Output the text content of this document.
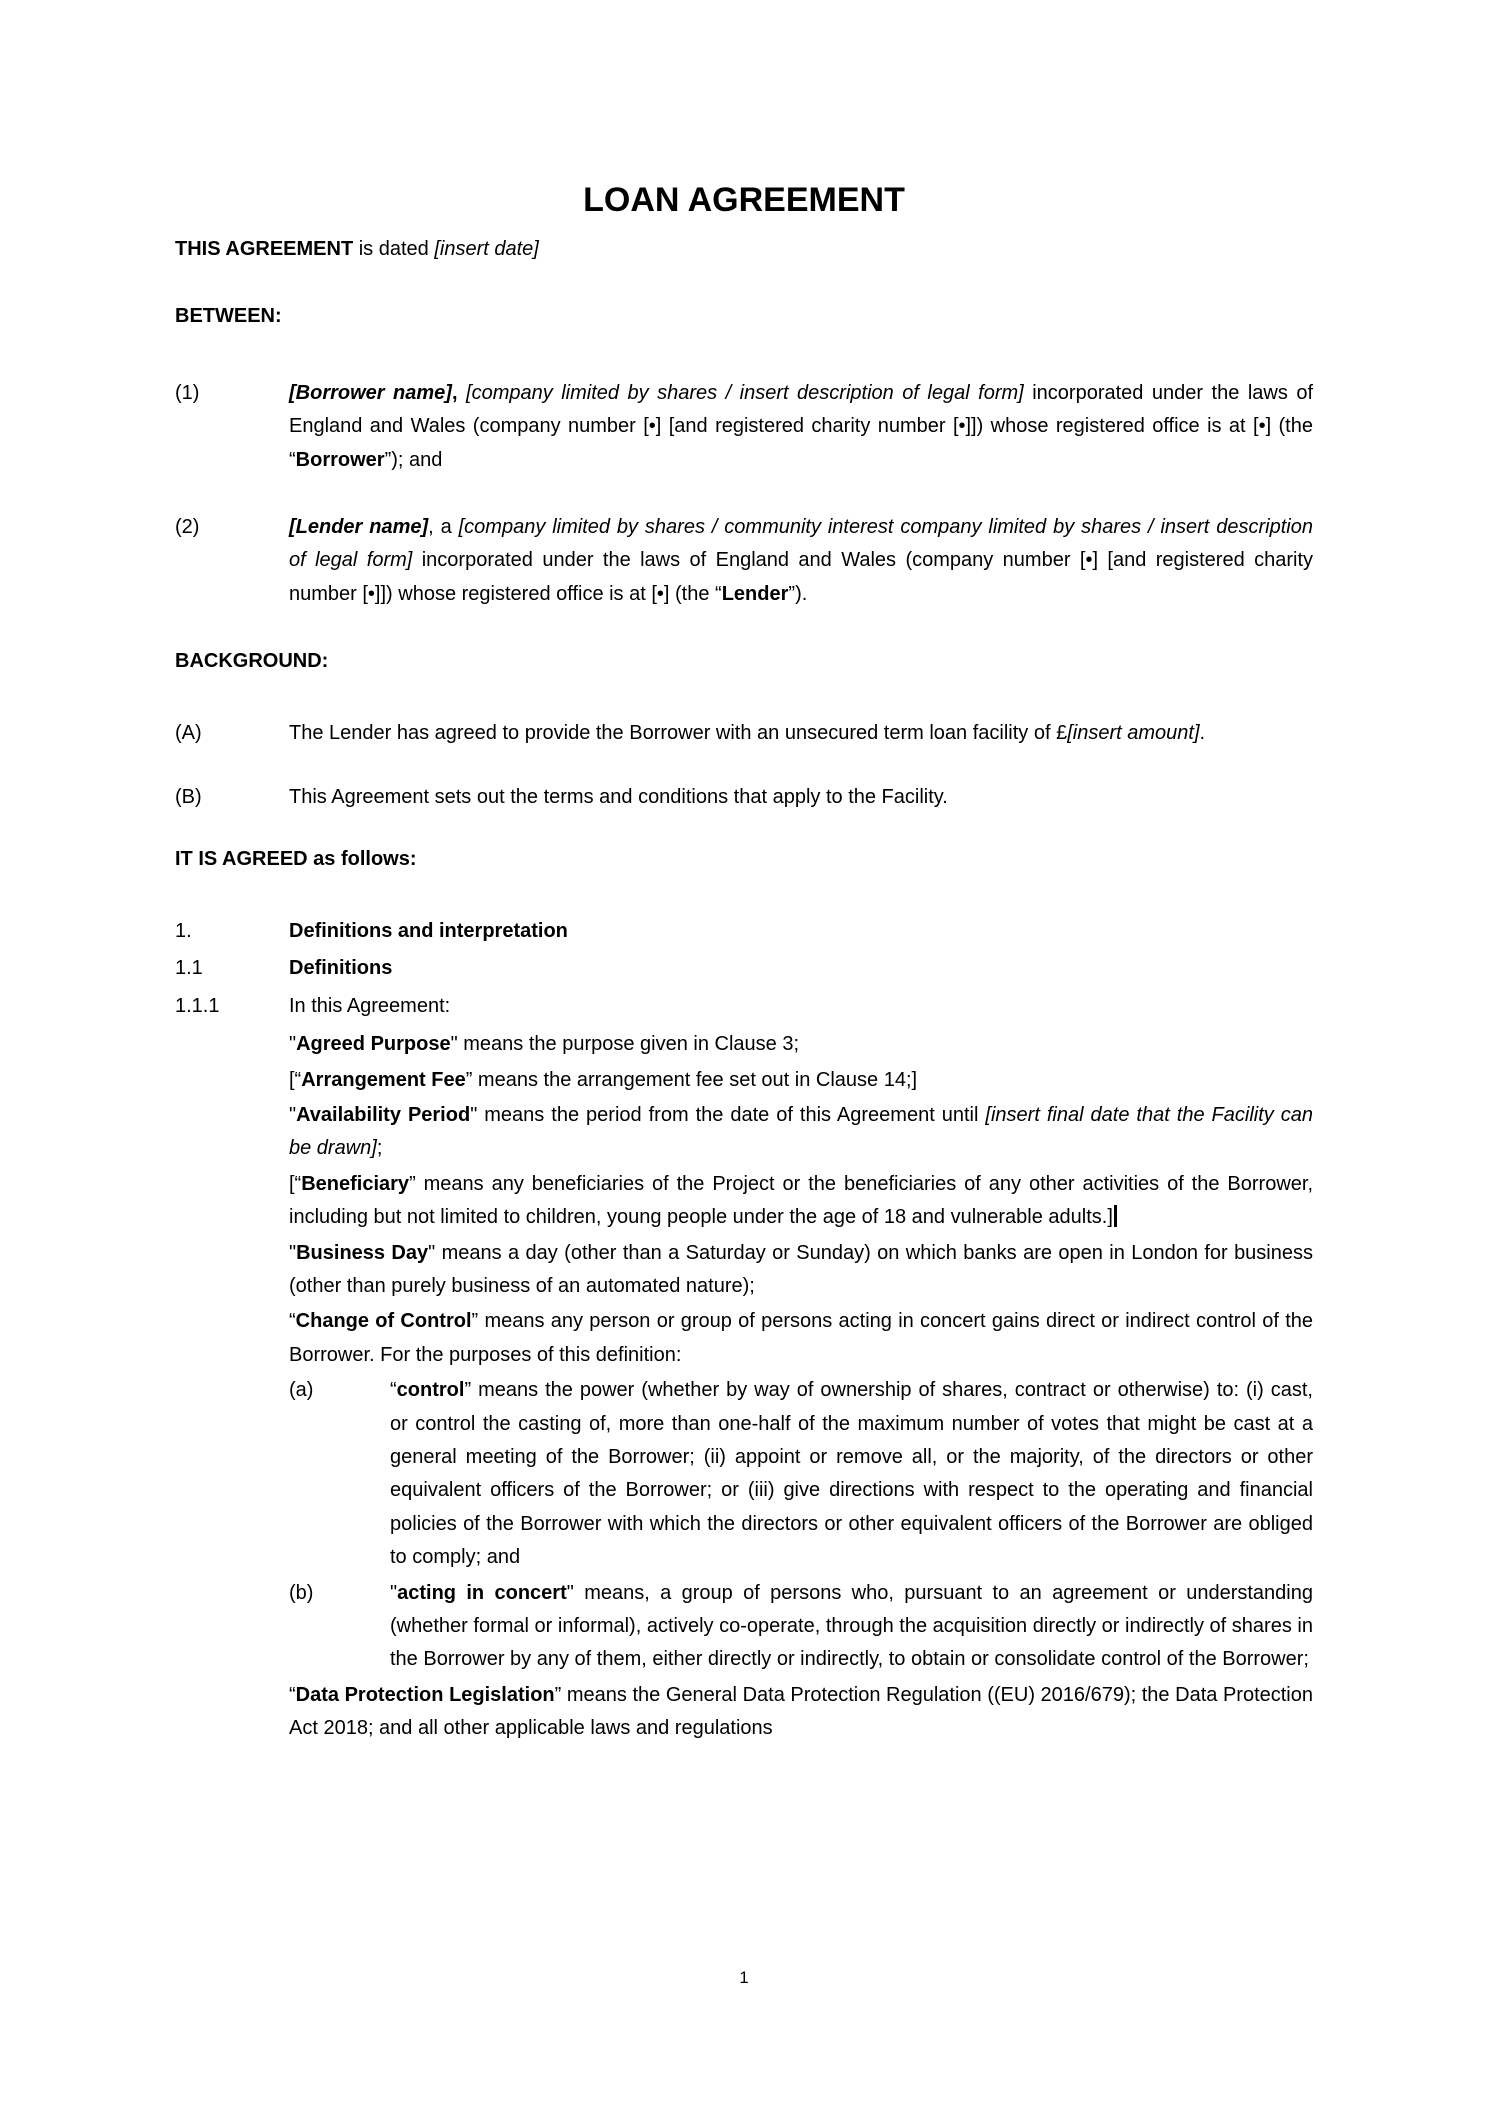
LOAN AGREEMENT

THIS AGREEMENT is dated [insert date]

BETWEEN:
(1)	[Borrower name], [company limited by shares / insert description of legal form] incorporated under the laws of England and Wales (company number [•] [and registered charity number [•]]) whose registered office is at [•] (the “Borrower”); and

(2)	[Lender name], a [company limited by shares / community interest company limited by shares / insert description of legal form] incorporated under the laws of England and Wales (company number [•] [and registered charity number [•]]) whose registered office is at [•] (the “Lender”).

BACKGROUND:
(A)	The Lender has agreed to provide the Borrower with an unsecured term loan facility of £[insert amount].

(B)	This Agreement sets out the terms and conditions that apply to the Facility.

IT IS AGREED as follows:

1.	Definitions and interpretation

1.1	Definitions

1.1.1	In this Agreement:

"Agreed Purpose" means the purpose given in Clause 3;

[“Arrangement Fee” means the arrangement fee set out in Clause 14;]

"Availability Period" means the period from the date of this Agreement until [insert final date that the Facility can be drawn];

[“Beneficiary” means any beneficiaries of the Project or the beneficiaries of any other activities of the Borrower, including but not limited to children, young people under the age of 18 and vulnerable adults.]

"Business Day" means a day (other than a Saturday or Sunday) on which banks are open in London for business (other than purely business of an automated nature);

“Change of Control” means any person or group of persons acting in concert gains direct or indirect control of the Borrower. For the purposes of this definition:

(a)	“control” means the power (whether by way of ownership of shares, contract or otherwise) to: (i) cast, or control the casting of, more than one-half of the maximum number of votes that might be cast at a general meeting of the Borrower; (ii) appoint or remove all, or the majority, of the directors or other equivalent officers of the Borrower; or (iii) give directions with respect to the operating and financial policies of the Borrower with which the directors or other equivalent officers of the Borrower are obliged to comply; and

(b)	"acting in concert" means, a group of persons who, pursuant to an agreement or understanding (whether formal or informal), actively co-operate, through the acquisition directly or indirectly of shares in the Borrower by any of them, either directly or indirectly, to obtain or consolidate control of the Borrower;

“Data Protection Legislation” means the General Data Protection Regulation ((EU) 2016/679); the Data Protection Act 2018; and all other applicable laws and regulations

1
